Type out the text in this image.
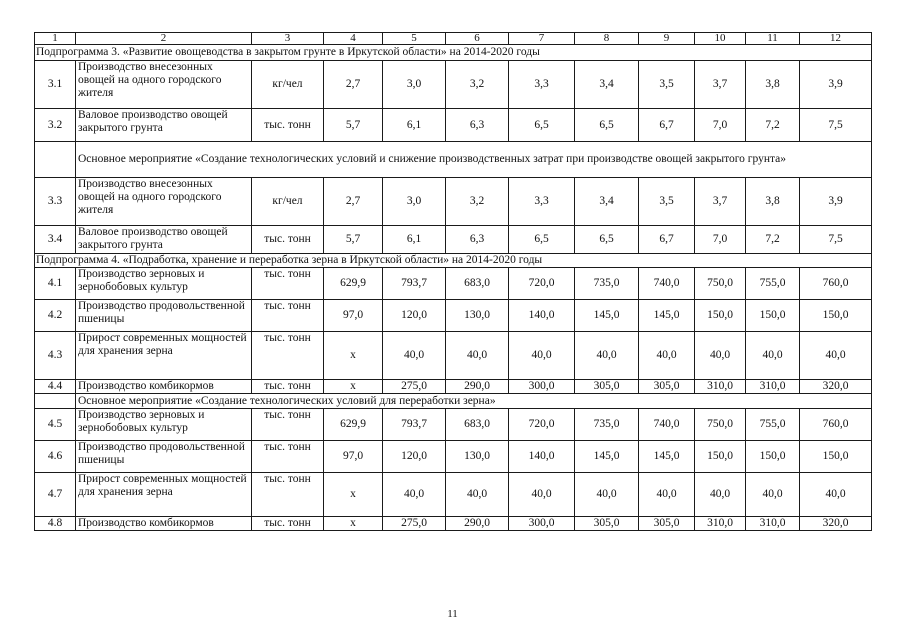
1	2	3	4	5	6	7	8	9	10	11	12
Подпрограмма 3. «Развитие овощеводства в закрытом грунте в Иркутской области» на 2014-2020 годы											
3.1	Производство внесезонных овощей на одного городского жителя	кг/чел	2,7	3,0	3,2	3,3	3,4	3,5	3,7	3,8	3,9
3.2	Валовое производство овощей закрытого грунта	тыс. тонн	5,7	6,1	6,3	6,5	6,5	6,7	7,0	7,2	7,5
	Основное мероприятие «Создание технологических условий и снижение производственных затрат при производстве овощей закрытого грунта»										
3.3	Производство внесезонных овощей на одного городского жителя	кг/чел	2,7	3,0	3,2	3,3	3,4	3,5	3,7	3,8	3,9
3.4	Валовое производство овощей закрытого грунта	тыс. тонн	5,7	6,1	6,3	6,5	6,5	6,7	7,0	7,2	7,5
Подпрограмма 4. «Подработка, хранение и переработка зерна в Иркутской области» на 2014-2020 годы											
4.1	Производство зерновых и зернобобовых культур	тыс. тонн	629,9	793,7	683,0	720,0	735,0	740,0	750,0	755,0	760,0
4.2	Производство продовольственной пшеницы	тыс. тонн	97,0	120,0	130,0	140,0	145,0	145,0	150,0	150,0	150,0
4.3	Прирост современных мощностей для хранения зерна	тыс. тонн	х	40,0	40,0	40,0	40,0	40,0	40,0	40,0	40,0
4.4	Производство комбикормов	тыс. тонн	х	275,0	290,0	300,0	305,0	305,0	310,0	310,0	320,0
	Основное мероприятие «Создание технологических условий для переработки зерна»										
4.5	Производство зерновых и зернобобовых культур	тыс. тонн	629,9	793,7	683,0	720,0	735,0	740,0	750,0	755,0	760,0
4.6	Производство продовольственной пшеницы	тыс. тонн	97,0	120,0	130,0	140,0	145,0	145,0	150,0	150,0	150,0
4.7	Прирост современных мощностей для хранения зерна	тыс. тонн	х	40,0	40,0	40,0	40,0	40,0	40,0	40,0	40,0
4.8	Производство комбикормов	тыс. тонн	х	275,0	290,0	300,0	305,0	305,0	310,0	310,0	320,0
11
